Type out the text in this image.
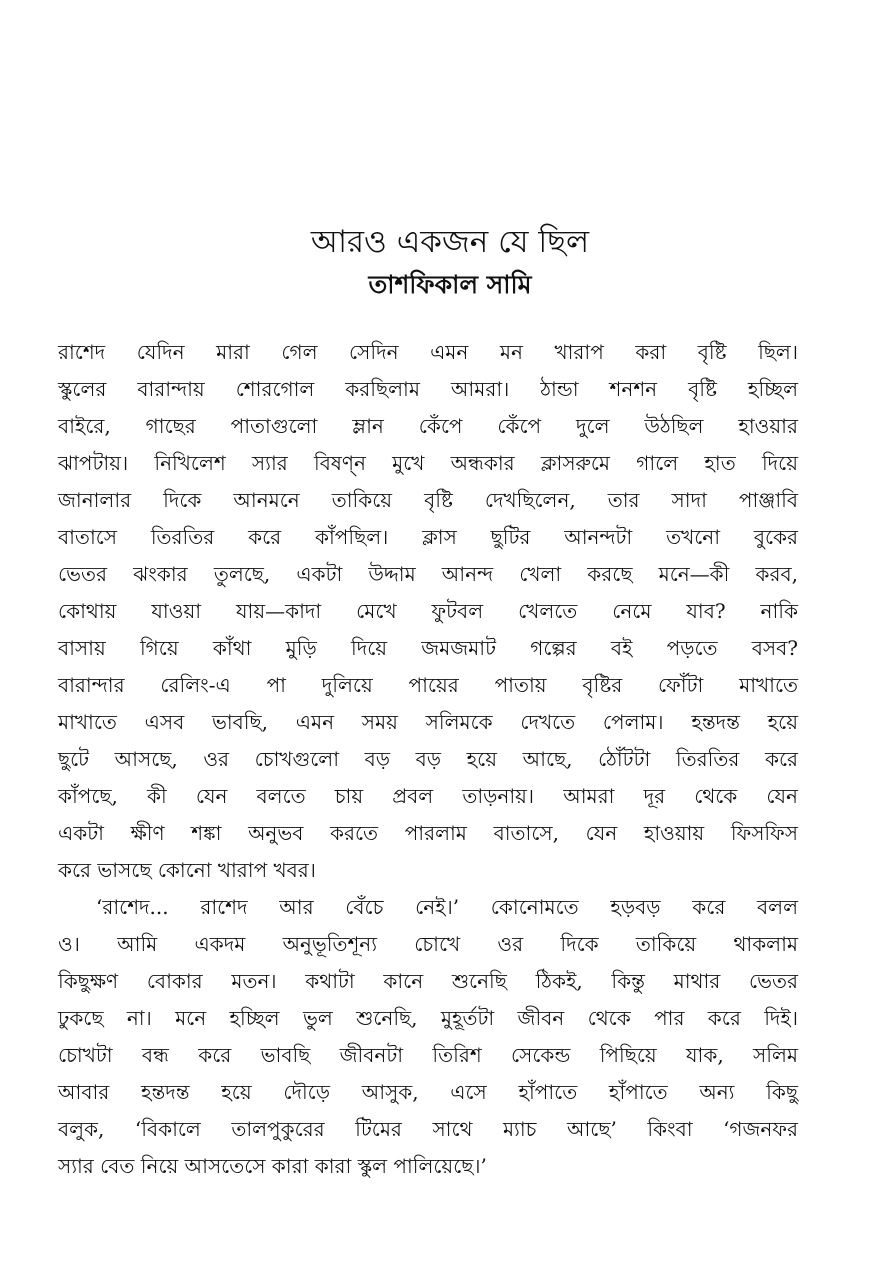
আরও একজন যে ছিল
তাশফিকাল সামি
রাশেদ যেদিন মারা গেল সেদিন এমন মন খারাপ করা বৃষ্টি ছিল।
স্কুলের বারান্দায় শোরগোল করছিলাম আমরা। ঠান্ডা শনশন বৃষ্টি হচ্ছিল
বাইরে, গাছের পাতাগুলো ম্লান কেঁপে কেঁপে দুলে উঠছিল হাওয়ার
ঝাপটায়। নিখিলেশ স্যার বিষণ্ন মুখে অন্ধকার ক্লাসরুমে গালে হাত দিয়ে
জানালার দিকে আনমনে তাকিয়ে বৃষ্টি দেখছিলেন, তার সাদা পাঞ্জাবি
বাতাসে তিরতির করে কাঁপছিল। ক্লাস ছুটির আনন্দটা তখনো বুকের
ভেতর ঝংকার তুলছে, একটা উদ্দাম আনন্দ খেলা করছে মনে—কী করব,
কোথায় যাওয়া যায়—কাদা মেখে ফুটবল খেলতে নেমে যাব? নাকি
বাসায় গিয়ে কাঁথা মুড়ি দিয়ে জমজমাট গল্পের বই পড়তে বসব?
বারান্দার রেলিং-এ পা দুলিয়ে পায়ের পাতায় বৃষ্টির ফোঁটা মাখাতে
মাখাতে এসব ভাবছি, এমন সময় সলিমকে দেখতে পেলাম। হন্তদন্ত হয়ে
ছুটে আসছে, ওর চোখগুলো বড় বড় হয়ে আছে, ঠোঁটটা তিরতির করে
কাঁপছে, কী যেন বলতে চায় প্রবল তাড়নায়। আমরা দূর থেকে যেন
একটা ক্ষীণ শঙ্কা অনুভব করতে পারলাম বাতাসে, যেন হাওয়ায় ফিসফিস
করে ভাসছে কোনো খারাপ খবর।
‘রাশেদ... রাশেদ আর বেঁচে নেই।’ কোনোমতে হড়বড় করে বলল
ও। আমি একদম অনুভূতিশূন্য চোখে ওর দিকে তাকিয়ে থাকলাম
কিছুক্ষণ বোকার মতন। কথাটা কানে শুনেছি ঠিকই, কিন্তু মাথার ভেতর
ঢুকছে না। মনে হচ্ছিল ভুল শুনেছি, মুহূর্তটা জীবন থেকে পার করে দিই।
চোখটা বন্ধ করে ভাবছি জীবনটা তিরিশ সেকেন্ড পিছিয়ে যাক, সলিম
আবার হন্তদন্ত হয়ে দৌড়ে আসুক, এসে হাঁপাতে হাঁপাতে অন্য কিছু
বলুক, ‘বিকালে তালপুকুরের টিমের সাথে ম্যাচ আছে’ কিংবা ‘গজনফর
স্যার বেত নিয়ে আসতেসে কারা কারা স্কুল পালিয়েছে।’
